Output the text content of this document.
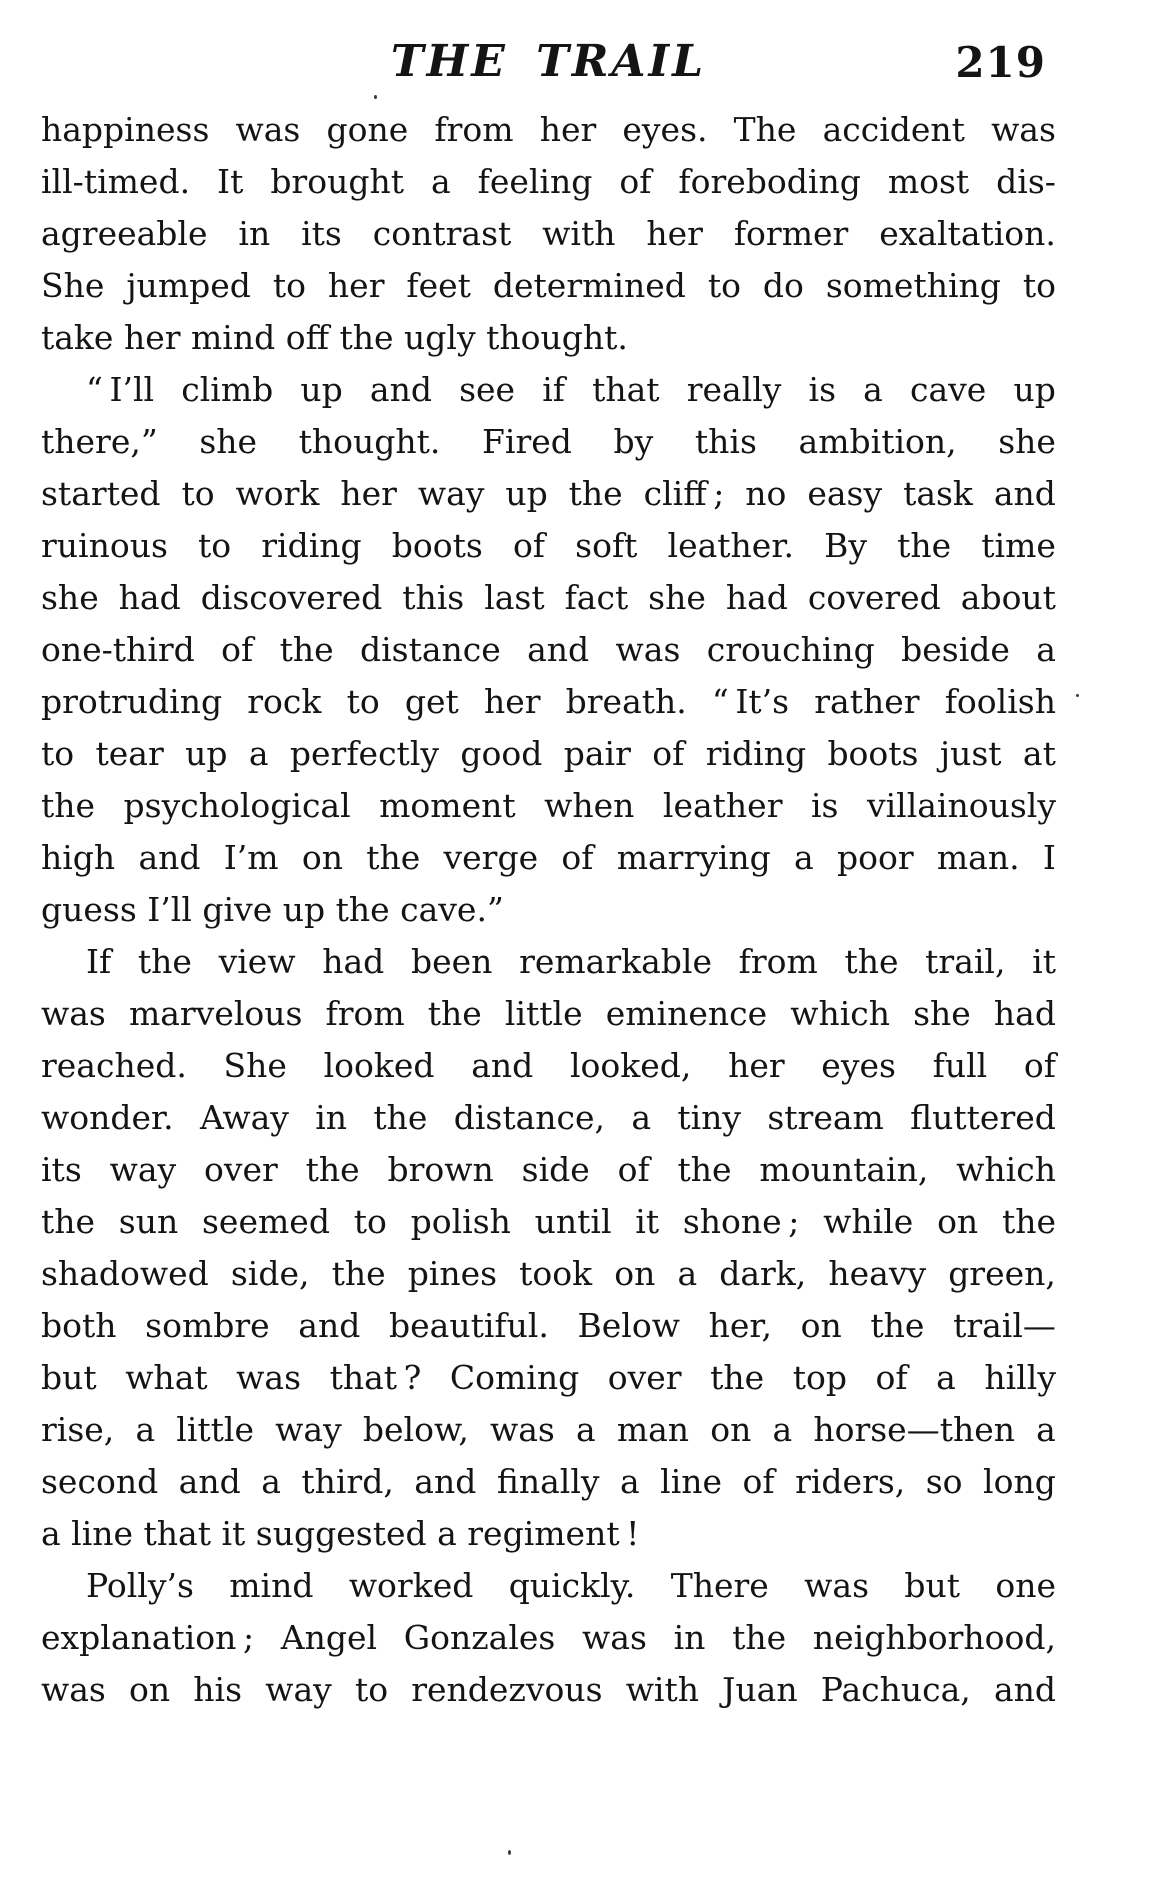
THE TRAIL	219
happiness was gone from her eyes. The accident was
ill-timed. It brought a feeling of foreboding most dis-
agreeable in its contrast with her former exaltation.
She jumped to her feet determined to do something to
take her mind off the ugly thought.
“ I’ll climb up and see if that really is a cave up
there,” she thought. Fired by this ambition, she
started to work her way up the cliff ; no easy task and
ruinous to riding boots of soft leather. By the time
she had discovered this last fact she had covered about
one-third of the distance and was crouching beside a
protruding rock to get her breath. “ It’s rather foolish
to tear up a perfectly good pair of riding boots just at
the psychological moment when leather is villainously
high and I’m on the verge of marrying a poor man. I
guess I’ll give up the cave.”
If the view had been remarkable from the trail, it
was marvelous from the little eminence which she had
reached. She looked and looked, her eyes full of
wonder. Away in the distance, a tiny stream fluttered
its way over the brown side of the mountain, which
the sun seemed to polish until it shone ; while on the
shadowed side, the pines took on a dark, heavy green,
both sombre and beautiful. Below her, on the trail—
but what was that ? Coming over the top of a hilly
rise, a little way below, was a man on a horse—then a
second and a third, and finally a line of riders, so long
a line that it suggested a regiment !
Polly’s mind worked quickly. There was but one
explanation ; Angel Gonzales was in the neighborhood,
was on his way to rendezvous with Juan Pachuca, and
